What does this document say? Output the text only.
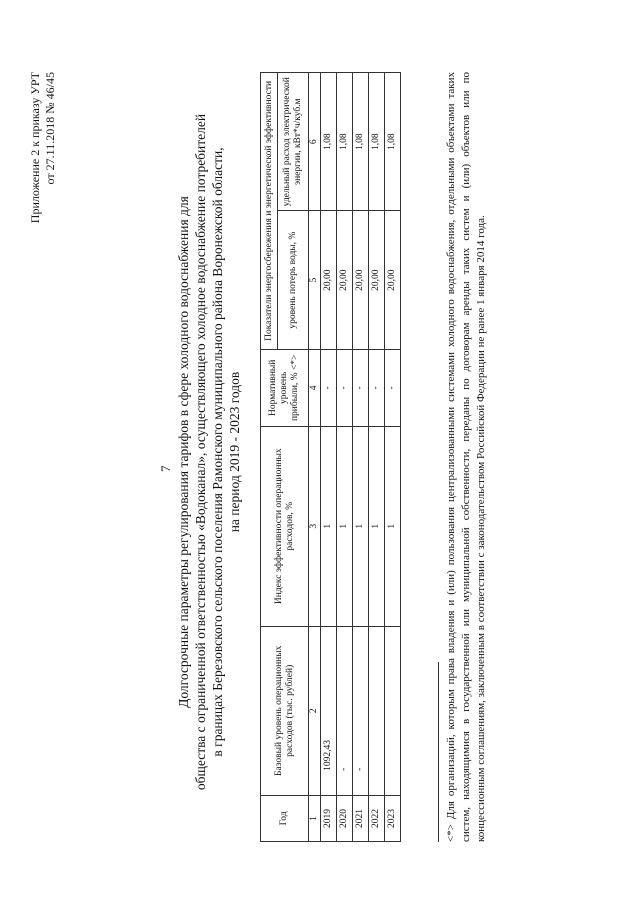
Приложение 2 к приказу УРТ от 27.11.2018 № 46/45
7 Долгосрочные параметры регулирования тарифов в сфере холодного водоснабжения для общества с ограниченной ответственностью «Водоканал», осуществляющего холодное водоснабжение потребителей в границах Березовского сельского поселения Рамонского муниципального района Воронежской области, на период 2019 - 2023 годов
Год	Базовый уровень операционных расходов (тыс. рублей)	Индекс эффективности операционных расходов, %	Нормативный уровень прибыли, % <*>	Показатели энергосбережения и энергетической эффективности	
				уровень потерь воды, %	удельный расход электрической энергии, кВт*ч/куб.м
1	2	3	4	5	6
2019	1092,43	1	-	20,00	1,08
2020	-	1	-	20,00	1,08
2021	-	1	-	20,00	1,08
2022		1	-	20,00	1,08
2023		1	-	20,00	1,08	<*> Для организаций, которым права владения и (или) пользования централизованными системами холодного водоснабжения, отдельными объектами таких систем, находящимися в государственной или муниципальной собственности, переданы по договорам аренды таких систем и (или) объектов или по концессионным соглашениям, заключенным в соответствии с законодательством Российской Федерации не ранее 1 января 2014 года.
